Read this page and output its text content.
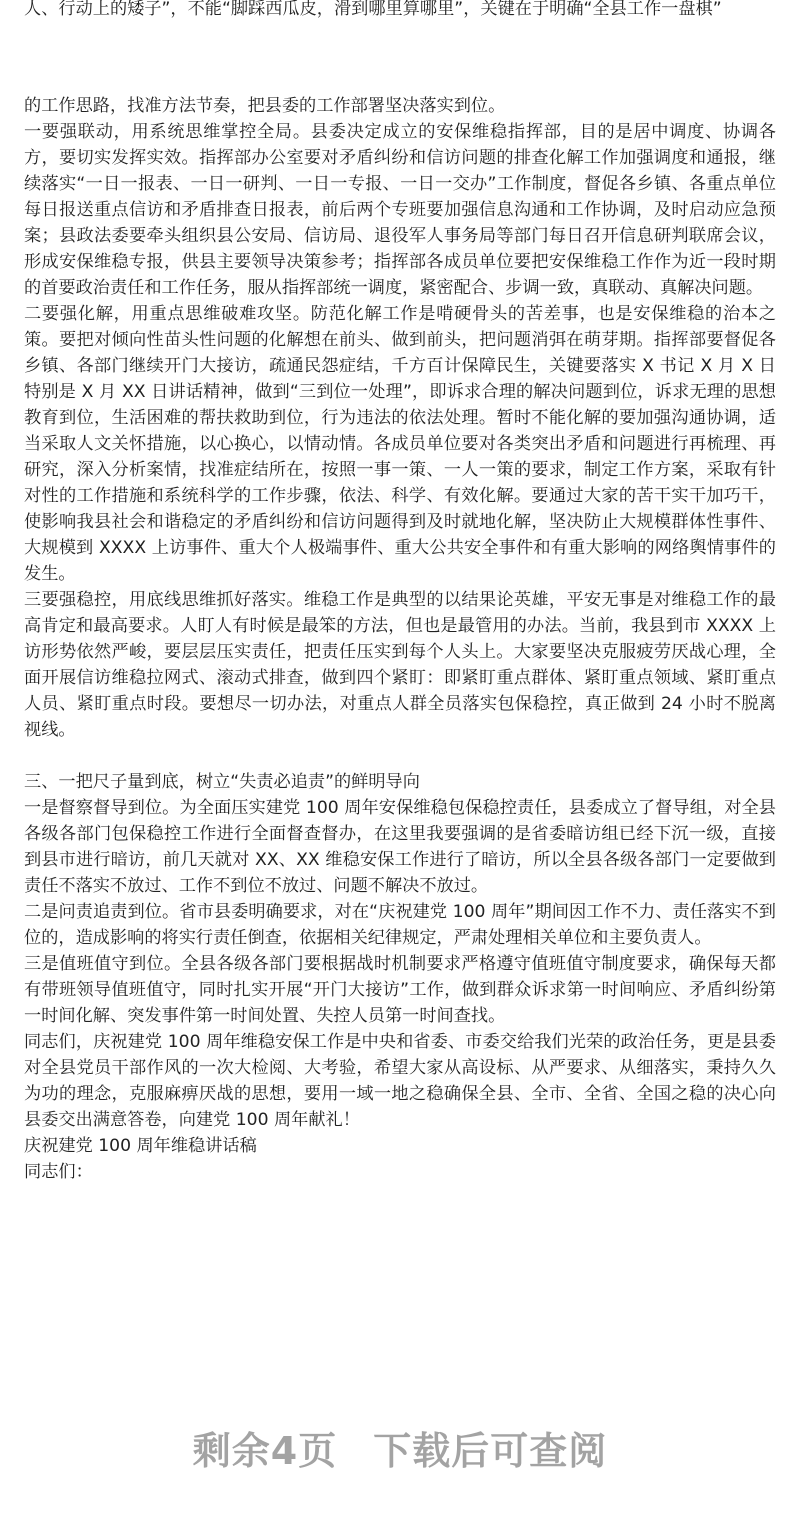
人、行动上的矮子”，不能“脚踩西瓜皮，滑到哪里算哪里”，关键在于明确“全县工作一盘棋”

的工作思路，找准方法节奏，把县委的工作部署坚决落实到位。

一要强联动，用系统思维掌控全局。县委决定成立的安保维稳指挥部，目的是居中调度、协调各方，要切实发挥实效。指挥部办公室要对矛盾纠纷和信访问题的排查化解工作加强调度和通报，继续落实“一日一报表、一日一研判、一日一专报、一日一交办”工作制度，督促各乡镇、各重点单位每日报送重点信访和矛盾排查日报表，前后两个专班要加强信息沟通和工作协调，及时启动应急预案；县政法委要牵头组织县公安局、信访局、退役军人事务局等部门每日召开信息研判联席会议，形成安保维稳专报，供县主要领导决策参考；指挥部各成员单位要把安保维稳工作作为近一段时期的首要政治责任和工作任务，服从指挥部统一调度，紧密配合、步调一致，真联动、真解决问题。

二要强化解，用重点思维破难攻坚。防范化解工作是啃硬骨头的苦差事，也是安保维稳的治本之策。要把对倾向性苗头性问题的化解想在前头、做到前头，把问题消弭在萌芽期。指挥部要督促各乡镇、各部门继续开门大接访，疏通民怨症结，千方百计保障民生，关键要落实 X 书记 X 月 X 日特别是 X 月 XX 日讲话精神，做到“三到位一处理”，即诉求合理的解决问题到位，诉求无理的思想教育到位，生活困难的帮扶救助到位，行为违法的依法处理。暂时不能化解的要加强沟通协调，适当采取人文关怀措施，以心换心，以情动情。各成员单位要对各类突出矛盾和问题进行再梳理、再研究，深入分析案情，找准症结所在，按照一事一策、一人一策的要求，制定工作方案，采取有针对性的工作措施和系统科学的工作步骤，依法、科学、有效化解。要通过大家的苦干实干加巧干，使影响我县社会和谐稳定的矛盾纠纷和信访问题得到及时就地化解，坚决防止大规模群体性事件、大规模到 XXXX 上访事件、重大个人极端事件、重大公共安全事件和有重大影响的网络舆情事件的发生。

三要强稳控，用底线思维抓好落实。维稳工作是典型的以结果论英雄，平安无事是对维稳工作的最高肯定和最高要求。人盯人有时候是最笨的方法，但也是最管用的办法。当前，我县到市 XXXX 上访形势依然严峻，要层层压实责任，把责任压实到每个人头上。大家要坚决克服疲劳厌战心理，全面开展信访维稳拉网式、滚动式排查，做到四个紧盯：即紧盯重点群体、紧盯重点领域、紧盯重点人员、紧盯重点时段。要想尽一切办法，对重点人群全员落实包保稳控，真正做到 24 小时不脱离视线。

三、一把尺子量到底，树立“失责必追责”的鲜明导向

一是督察督导到位。为全面压实建党 100 周年安保维稳包保稳控责任，县委成立了督导组，对全县各级各部门包保稳控工作进行全面督查督办，在这里我要强调的是省委暗访组已经下沉一级，直接到县市进行暗访，前几天就对 XX、XX 维稳安保工作进行了暗访，所以全县各级各部门一定要做到责任不落实不放过、工作不到位不放过、问题不解决不放过。

二是问责追责到位。省市县委明确要求，对在“庆祝建党 100 周年”期间因工作不力、责任落实不到位的，造成影响的将实行责任倒查，依据相关纪律规定，严肃处理相关单位和主要负责人。

三是值班值守到位。全县各级各部门要根据战时机制要求严格遵守值班值守制度要求，确保每天都有带班领导值班值守，同时扎实开展“开门大接访”工作，做到群众诉求第一时间响应、矛盾纠纷第一时间化解、突发事件第一时间处置、失控人员第一时间查找。

同志们，庆祝建党 100 周年维稳安保工作是中央和省委、市委交给我们光荣的政治任务，更是县委对全县党员干部作风的一次大检阅、大考验，希望大家从高设标、从严要求、从细落实，秉持久久为功的理念，克服麻痹厌战的思想，要用一域一地之稳确保全县、全市、全省、全国之稳的决心向县委交出满意答卷，向建党 100 周年献礼！

庆祝建党 100 周年维稳讲话稿

同志们：

剩余4页 下载后可查阅
